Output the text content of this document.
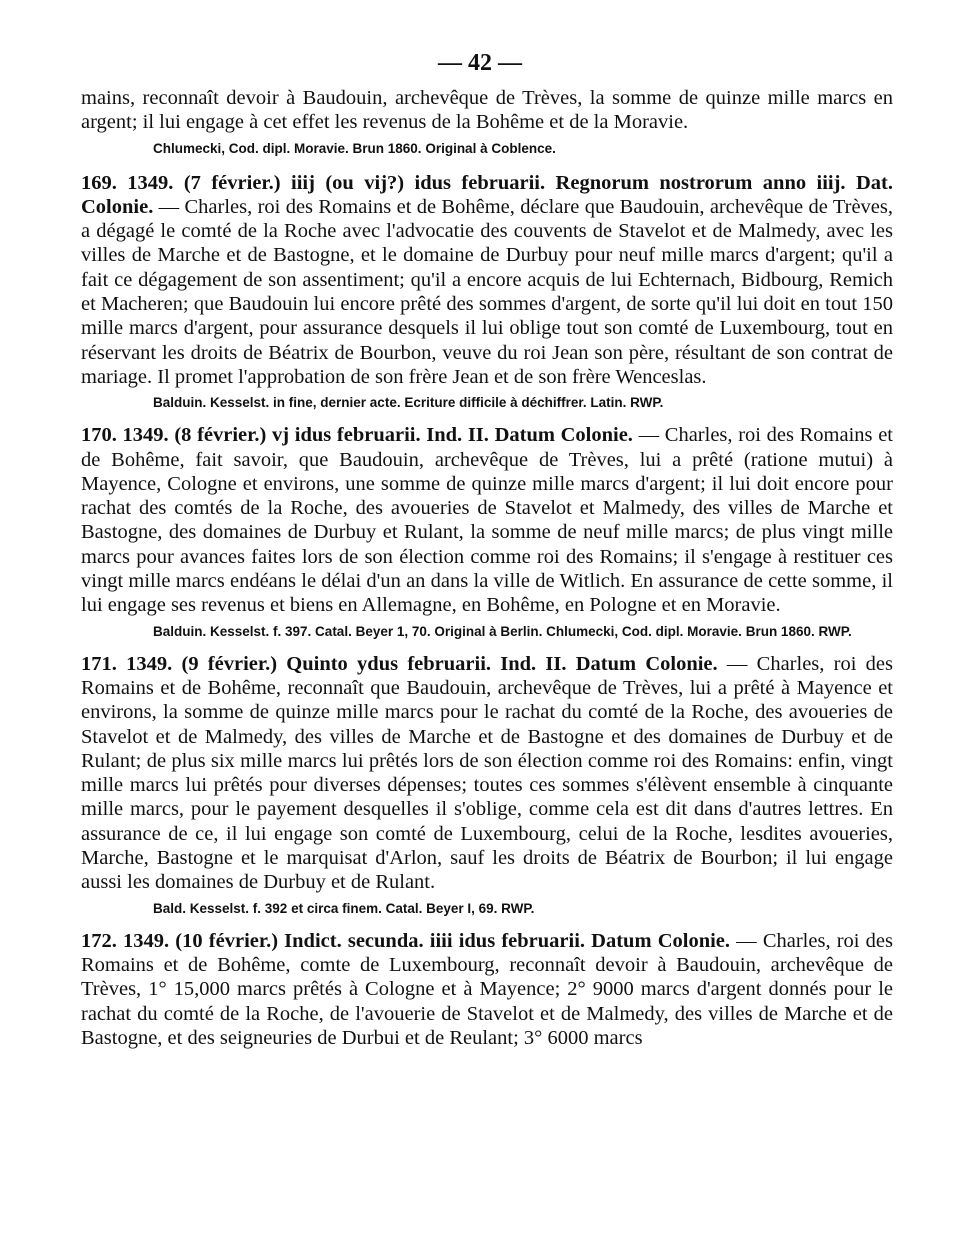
— 42 —

mains, reconnaît devoir à Baudouin, archevêque de Trèves, la somme de quinze mille marcs en argent; il lui engage à cet effet les revenus de la Bohême et de la Moravie.

Chlumecki, Cod. dipl. Moravie. Brun 1860. Original à Coblence.

169. 1349. (7 février.) iiij (ou vij?) idus februarii. Regnorum nostrorum anno iiij. Dat. Colonie. — Charles, roi des Romains et de Bohême, déclare que Baudouin, archevêque de Trèves, a dégagé le comté de la Roche avec l'advocatie des couvents de Stavelot et de Malmedy, avec les villes de Marche et de Bastogne, et le domaine de Durbuy pour neuf mille marcs d'argent; qu'il a fait ce dégagement de son assentiment; qu'il a encore acquis de lui Echternach, Bidbourg, Remich et Macheren; que Baudouin lui encore prêté des sommes d'argent, de sorte qu'il lui doit en tout 150 mille marcs d'argent, pour assurance desquels il lui oblige tout son comté de Luxembourg, tout en réservant les droits de Béatrix de Bourbon, veuve du roi Jean son père, résultant de son contrat de mariage. Il promet l'approbation de son frère Jean et de son frère Wenceslas.

Balduin. Kesselst. in fine, dernier acte. Ecriture difficile à déchiffrer. Latin. RWP.

170. 1349. (8 février.) vj idus februarii. Ind. II. Datum Colonie. — Charles, roi des Romains et de Bohême, fait savoir, que Baudouin, archevêque de Trèves, lui a prêté (ratione mutui) à Mayence, Cologne et environs, une somme de quinze mille marcs d'argent; il lui doit encore pour rachat des comtés de la Roche, des avoueries de Stavelot et Malmedy, des villes de Marche et Bastogne, des domaines de Durbuy et Rulant, la somme de neuf mille marcs; de plus vingt mille marcs pour avances faites lors de son élection comme roi des Romains; il s'engage à restituer ces vingt mille marcs endéans le délai d'un an dans la ville de Witlich. En assurance de cette somme, il lui engage ses revenus et biens en Allemagne, en Bohême, en Pologne et en Moravie.

Balduin. Kesselst. f. 397. Catal. Beyer 1, 70. Original à Berlin. Chlumecki, Cod. dipl. Moravie. Brun 1860. RWP.

171. 1349. (9 février.) Quinto ydus februarii. Ind. II. Datum Colonie. — Charles, roi des Romains et de Bohême, reconnaît que Baudouin, archevêque de Trèves, lui a prêté à Mayence et environs, la somme de quinze mille marcs pour le rachat du comté de la Roche, des avoueries de Stavelot et de Malmedy, des villes de Marche et de Bastogne et des domaines de Durbuy et de Rulant; de plus six mille marcs lui prêtés lors de son élection comme roi des Romains: enfin, vingt mille marcs lui prêtés pour diverses dépenses; toutes ces sommes s'élèvent ensemble à cinquante mille marcs, pour le payement desquelles il s'oblige, comme cela est dit dans d'autres lettres. En assurance de ce, il lui engage son comté de Luxembourg, celui de la Roche, lesdites avoueries, Marche, Bastogne et le marquisat d'Arlon, sauf les droits de Béatrix de Bourbon; il lui engage aussi les domaines de Durbuy et de Rulant.

Bald. Kesselst. f. 392 et circa finem. Catal. Beyer I, 69. RWP.

172. 1349. (10 février.) Indict. secunda. iiii idus februarii. Datum Colonie. — Charles, roi des Romains et de Bohême, comte de Luxembourg, reconnaît devoir à Baudouin, archevêque de Trèves, 1° 15,000 marcs prêtés à Cologne et à Mayence; 2° 9000 marcs d'argent donnés pour le rachat du comté de la Roche, de l'avouerie de Stavelot et de Malmedy, des villes de Marche et de Bastogne, et des seigneuries de Durbui et de Reulant; 3° 6000 marcs
